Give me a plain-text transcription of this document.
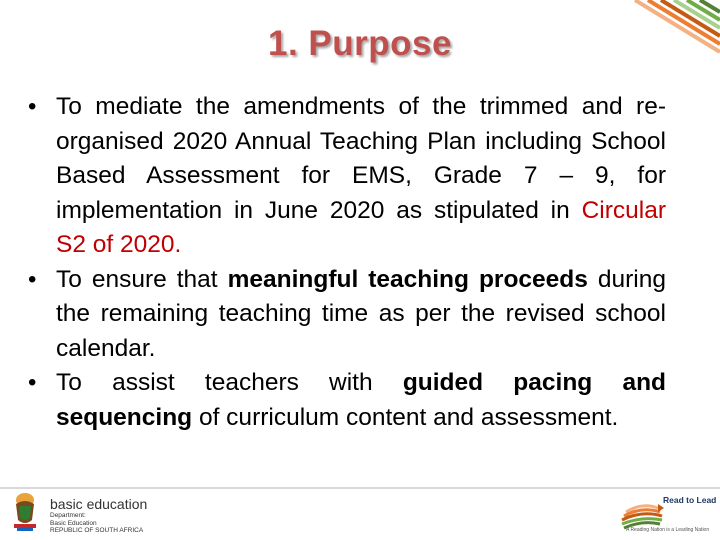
1. Purpose

• To mediate the amendments of the trimmed and re-organised 2020 Annual Teaching Plan including School Based Assessment for EMS, Grade 7 – 9, for implementation in June 2020 as stipulated in Circular S2 of 2020.

• To ensure that meaningful teaching proceeds during the remaining teaching time as per the revised school calendar.

• To assist teachers with guided pacing and sequencing of curriculum content and assessment.

basic education
Department:
Basic Education
REPUBLIC OF SOUTH AFRICA
Read to Lead
A Reading Nation is a Leading Nation
